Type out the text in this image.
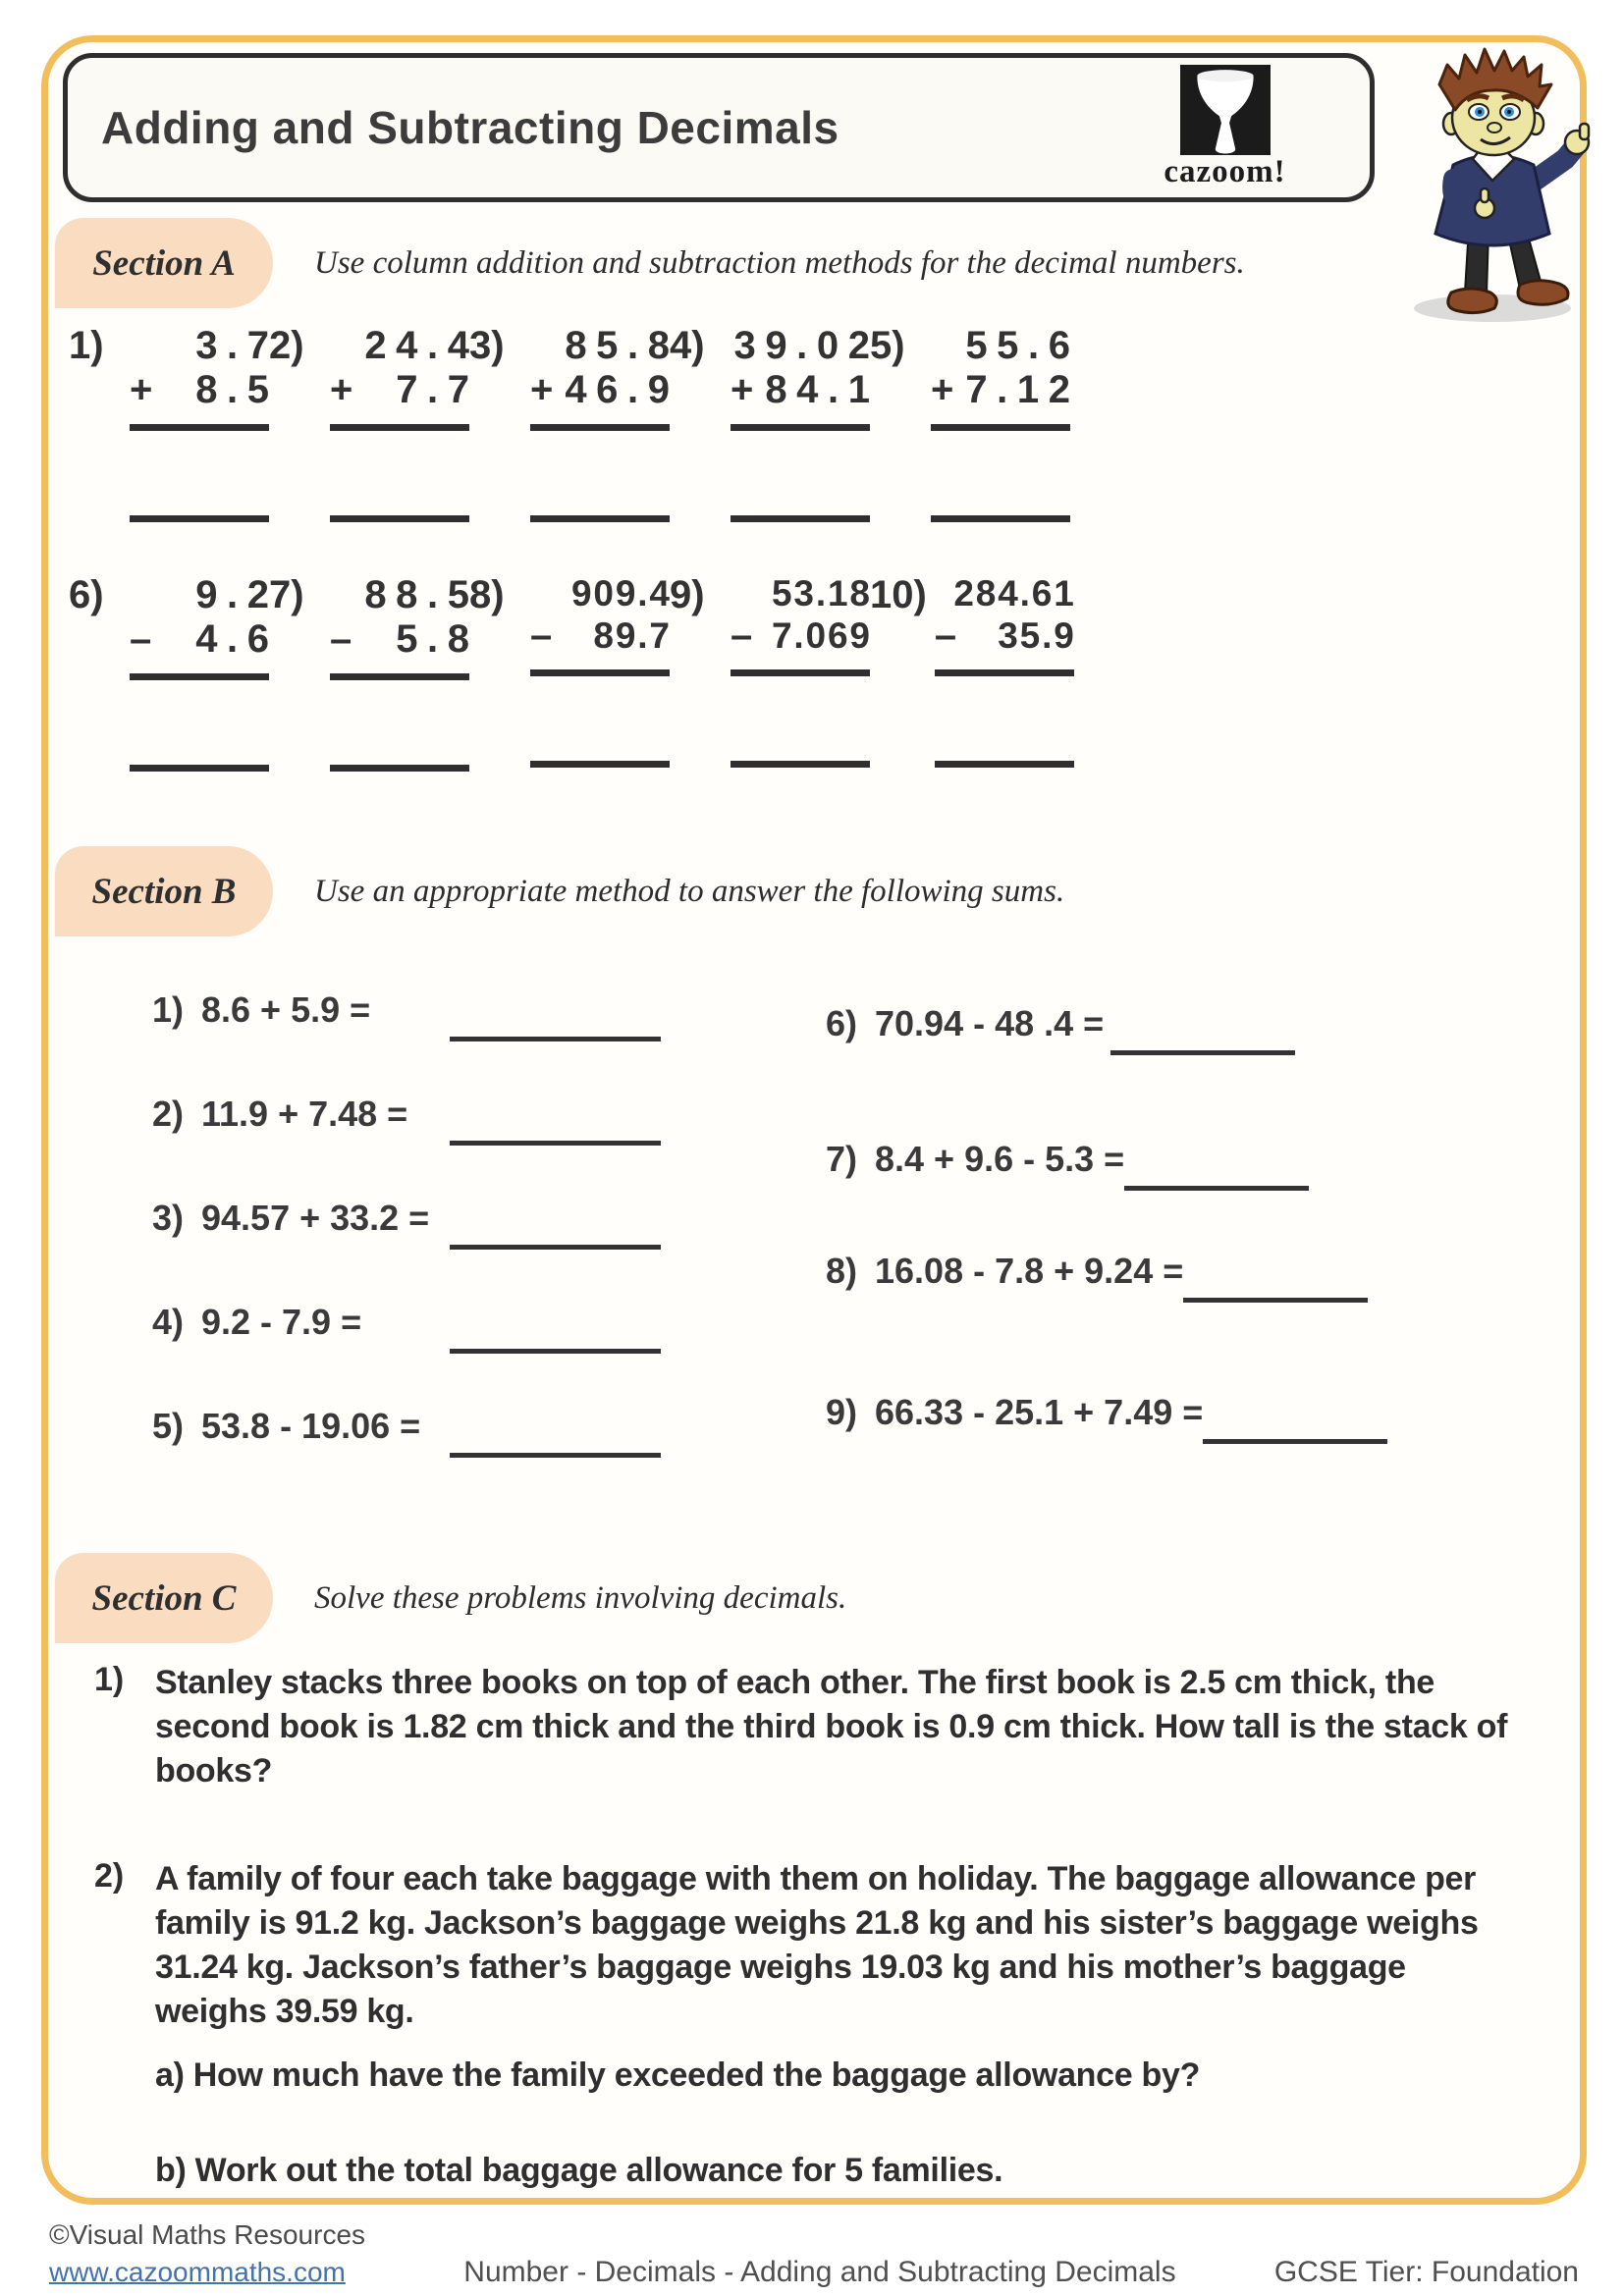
Adding and Subtracting Decimals
cazoom!
Section A	Use column addition and subtraction methods for the decimal numbers.
1)	3.7
+ 8.5
2)	24.4
+ 7.7
3)	85.8
+ 46.9
4) 39.02
+ 84.1
5)	55.6
+ 7.12
6)	9.2
– 4.6
7)	88.5
– 5.8
8)	909.4
– 89.7
9)	53.18
– 7.069
10) 284.61
– 35.9
Section B	Use an appropriate method to answer the following sums.
1) 8.6 + 5.9 =
2) 11.9 + 7.48 =
3) 94.57 + 33.2 =
4) 9.2 - 7.9 =
5) 53.8 - 19.06 =
6) 70.94 - 48 .4 =
7) 8.4 + 9.6 - 5.3 =
8) 16.08 - 7.8 + 9.24 =
9) 66.33 - 25.1 + 7.49 =
Section C	Solve these problems involving decimals.
1) Stanley stacks three books on top of each other. The first book is 2.5 cm thick, the second book is 1.82 cm thick and the third book is 0.9 cm thick. How tall is the stack of books?

2) A family of four each take baggage with them on holiday. The baggage allowance per family is 91.2 kg. Jackson’s baggage weighs 21.8 kg and his sister’s baggage weighs 31.24 kg. Jackson’s father’s baggage weighs 19.03 kg and his mother’s baggage weighs 39.59 kg.

a) How much have the family exceeded the baggage allowance by?

b) Work out the total baggage allowance for 5 families.

©Visual Maths Resources
www.cazoommaths.com	Number - Decimals - Adding and Subtracting Decimals	GCSE Tier: Foundation
